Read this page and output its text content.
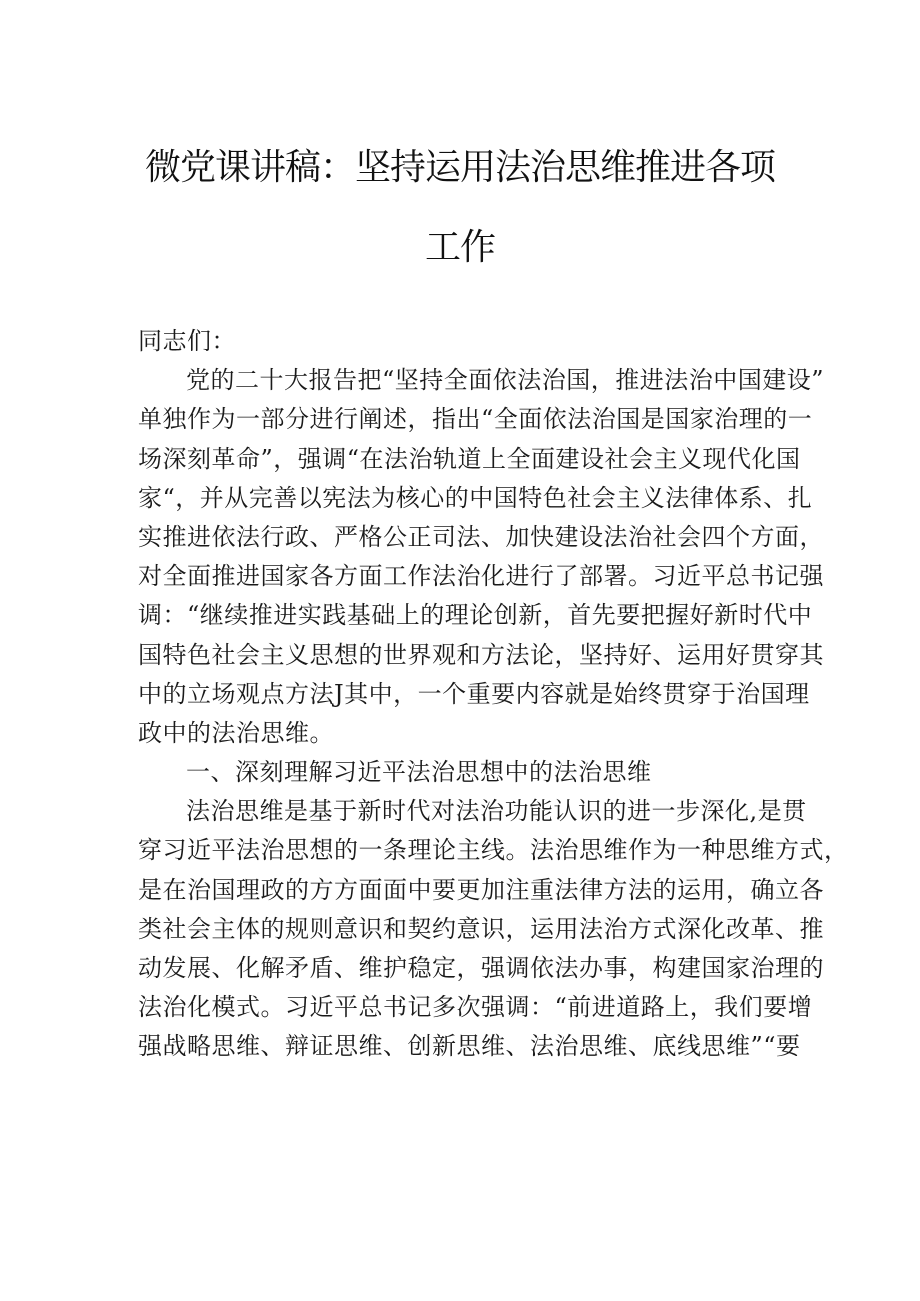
微党课讲稿：坚持运用法治思维推进各项
工作
同志们：
党的二十大报告把“坚持全面依法治国，推进法治中国建设”
单独作为一部分进行阐述，指出“全面依法治国是国家治理的一
场深刻革命”，强调“在法治轨道上全面建设社会主义现代化国
家“，并从完善以宪法为核心的中国特色社会主义法律体系、扎
实推进依法行政、严格公正司法、加快建设法治社会四个方面，
对全面推进国家各方面工作法治化进行了部署。习近平总书记强
调：“继续推进实践基础上的理论创新，首先要把握好新时代中
国特色社会主义思想的世界观和方法论，坚持好、运用好贯穿其
中的立场观点方法J其中，一个重要内容就是始终贯穿于治国理
政中的法治思维。
一、深刻理解习近平法治思想中的法治思维
法治思维是基于新时代对法治功能认识的进一步深化,是贯
穿习近平法治思想的一条理论主线。法治思维作为一种思维方式，
是在治国理政的方方面面中要更加注重法律方法的运用，确立各
类社会主体的规则意识和契约意识，运用法治方式深化改革、推
动发展、化解矛盾、维护稳定，强调依法办事，构建国家治理的
法治化模式。习近平总书记多次强调：“前进道路上，我们要增
强战略思维、辩证思维、创新思维、法治思维、底线思维”“要
